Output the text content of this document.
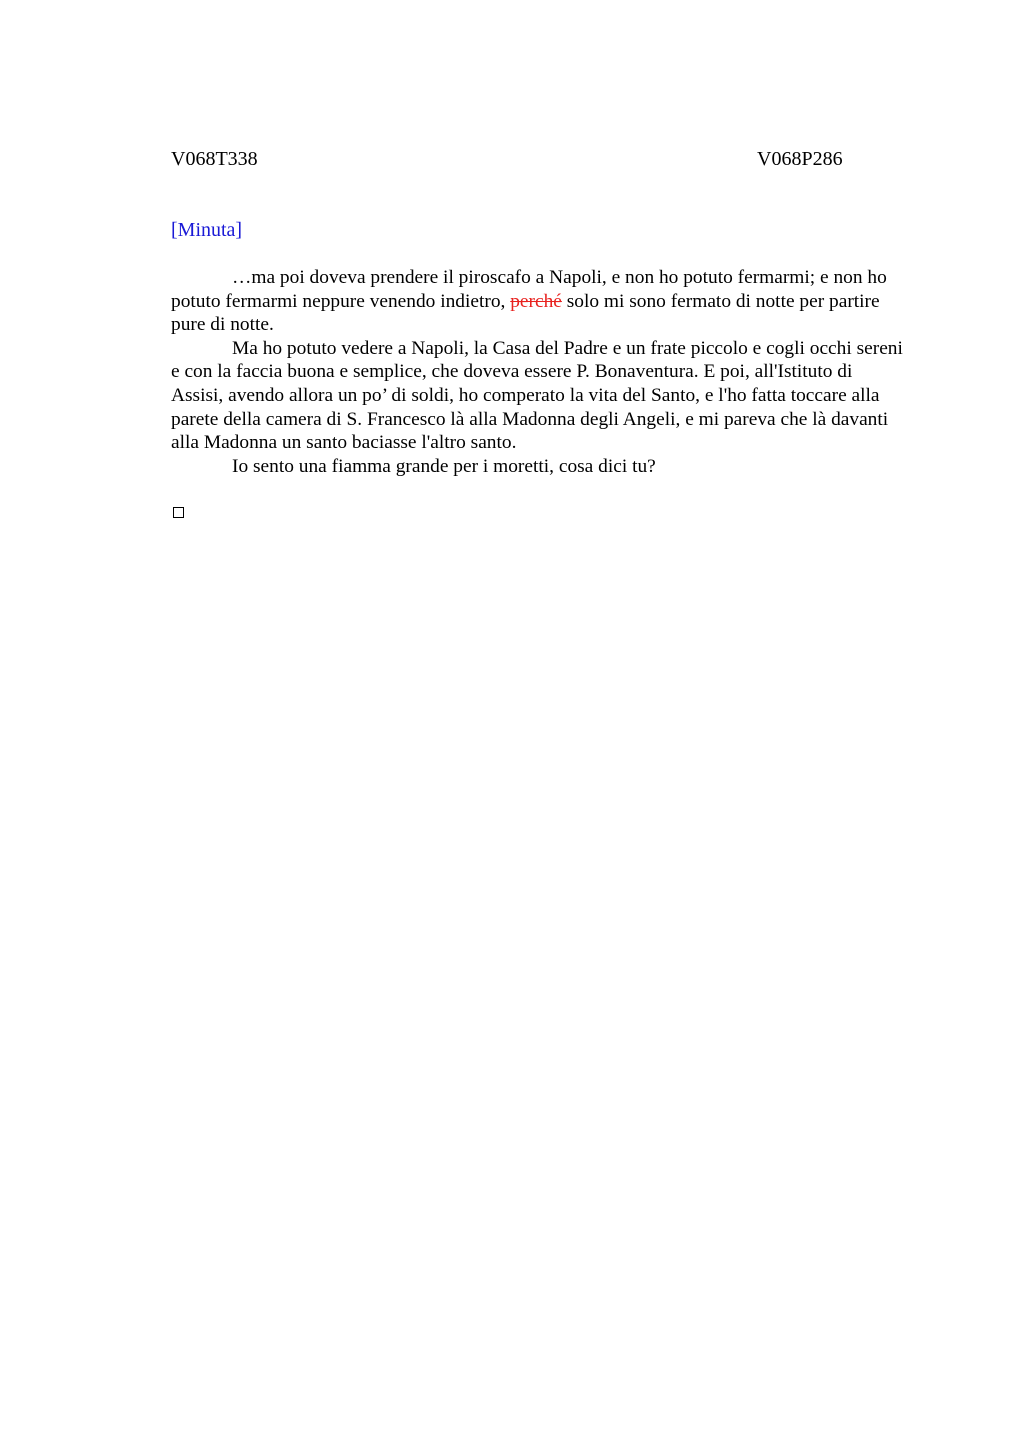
V068T338	V068P286
[Minuta]

…ma poi doveva prendere il piroscafo a Napoli, e non ho potuto fermarmi; e non ho potuto fermarmi neppure venendo indietro, perché solo mi sono fermato di notte per partire pure di notte.

Ma ho potuto vedere a Napoli, la Casa del Padre e un frate piccolo e cogli occhi sereni e con la faccia buona e semplice, che doveva essere P. Bonaventura. E poi, all'Istituto di Assisi, avendo allora un po’ di soldi, ho comperato la vita del Santo, e l'ho fatta toccare alla parete della camera di S. Francesco là alla Madonna degli Angeli, e mi pareva che là davanti alla Madonna un santo baciasse l'altro santo.

Io sento una fiamma grande per i moretti, cosa dici tu?
